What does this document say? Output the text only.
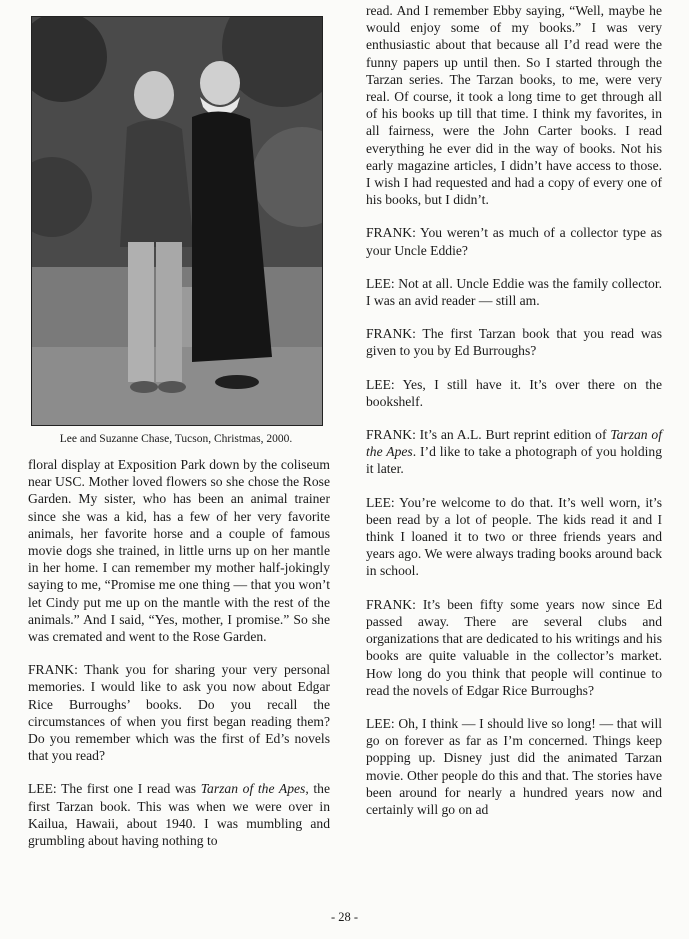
Lee and Suzanne Chase, Tucson, Christmas, 2000.

floral display at Exposition Park down by the coliseum near USC. Mother loved flowers so she chose the Rose Garden. My sister, who has been an animal trainer since she was a kid, has a few of her very favorite animals, her favorite horse and a couple of famous movie dogs she trained, in little urns up on her mantle in her home. I can remember my mother half-jokingly saying to me, “Promise me one thing — that you won’t let Cindy put me up on the mantle with the rest of the animals.” And I said, “Yes, mother, I promise.” So she was cremated and went to the Rose Garden.

FRANK: Thank you for sharing your very personal memories. I would like to ask you now about Edgar Rice Burroughs’ books. Do you recall the circumstances of when you first began reading them? Do you remember which was the first of Ed’s novels that you read?

LEE: The first one I read was Tarzan of the Apes, the first Tarzan book. This was when we were over in Kailua, Hawaii, about 1940. I was mumbling and grumbling about having nothing to

read. And I remember Ebby saying, “Well, maybe he would enjoy some of my books.” I was very enthusiastic about that because all I’d read were the funny papers up until then. So I started through the Tarzan series. The Tarzan books, to me, were very real. Of course, it took a long time to get through all of his books up till that time. I think my favorites, in all fairness, were the John Carter books. I read everything he ever did in the way of books. Not his early magazine articles, I didn’t have access to those. I wish I had requested and had a copy of every one of his books, but I didn’t.

FRANK: You weren’t as much of a collector type as your Uncle Eddie?

LEE: Not at all. Uncle Eddie was the family collector. I was an avid reader — still am.

FRANK: The first Tarzan book that you read was given to you by Ed Burroughs?

LEE: Yes, I still have it. It’s over there on the bookshelf.

FRANK: It’s an A.L. Burt reprint edition of Tarzan of the Apes. I’d like to take a photograph of you holding it later.

LEE: You’re welcome to do that. It’s well worn, it’s been read by a lot of people. The kids read it and I think I loaned it to two or three friends years and years ago. We were always trading books around back in school.

FRANK: It’s been fifty some years now since Ed passed away. There are several clubs and organizations that are dedicated to his writings and his books are quite valuable in the collector’s market. How long do you think that people will continue to read the novels of Edgar Rice Burroughs?

LEE: Oh, I think — I should live so long! — that will go on forever as far as I’m concerned. Things keep popping up. Disney just did the animated Tarzan movie. Other people do this and that. The stories have been around for nearly a hundred years now and certainly will go on ad

- 28 -
